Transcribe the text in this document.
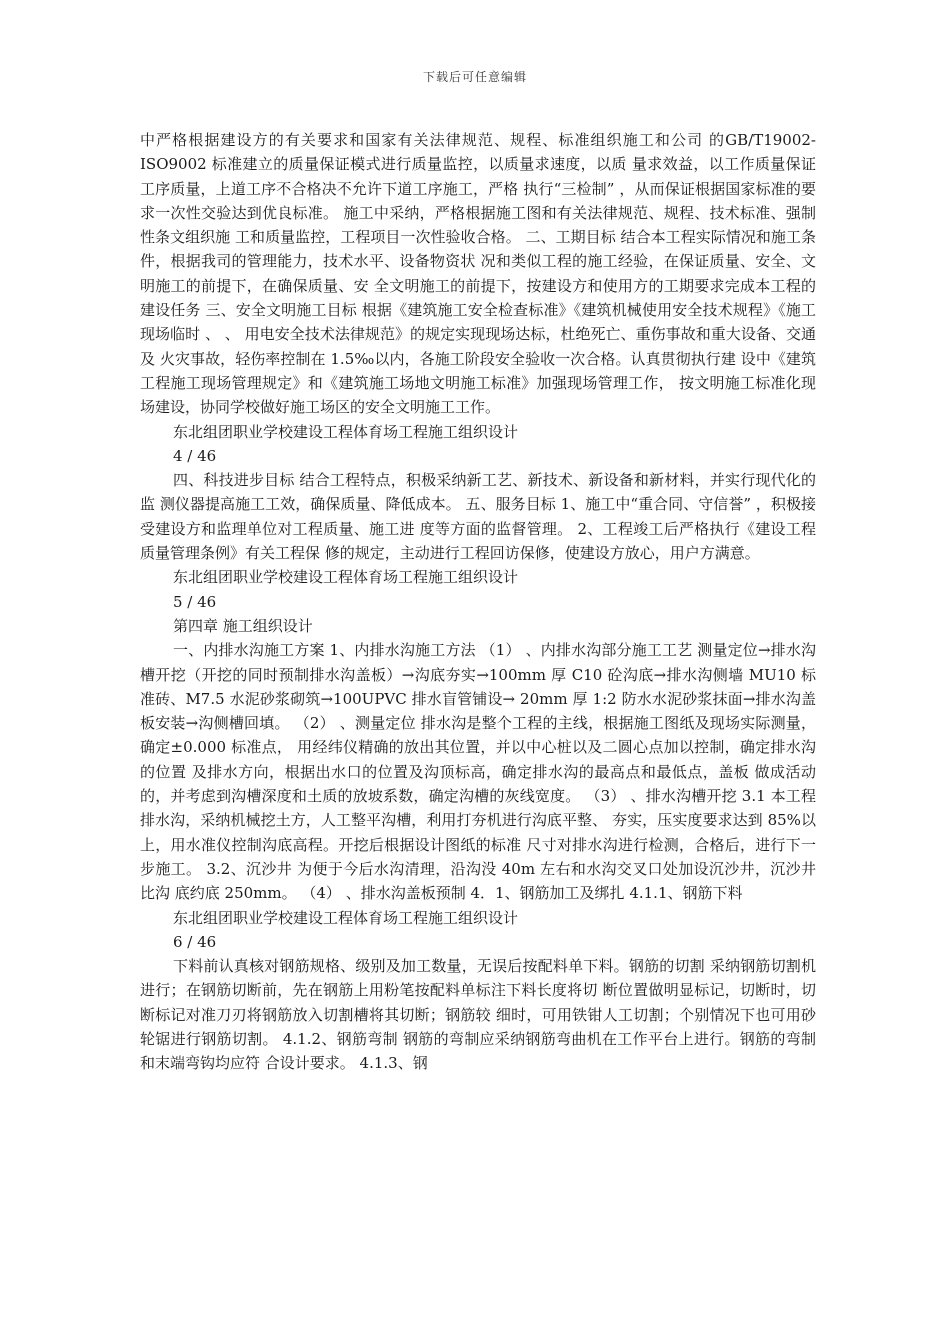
下载后可任意编辑

中严格根据建设方的有关要求和国家有关法律规范、规程、标准组织施工和公司 的GB/T19002-ISO9002 标准建立的质量保证模式进行质量监控，以质量求速度，以质 量求效益，以工作质量保证工序质量，上道工序不合格决不允许下道工序施工，严格 执行“三检制” ，从而保证根据国家标准的要求一次性交验达到优良标准。 施工中采纳，严格根据施工图和有关法律规范、规程、技术标准、强制性条文组织施 工和质量监控，工程项目一次性验收合格。 二、工期目标 结合本工程实际情况和施工条件，根据我司的管理能力，技术水平、设备物资状 况和类似工程的施工经验，在保证质量、安全、文明施工的前提下，在确保质量、安 全文明施工的前提下，按建设方和使用方的工期要求完成本工程的建设任务 三、安全文明施工目标 根据《建筑施工安全检查标准》《建筑机械使用安全技术规程》《施工现场临时 、 、 用电安全技术法律规范》的规定实现现场达标，杜绝死亡、重伤事故和重大设备、交通及 火灾事故，轻伤率控制在 1.5‰以内，各施工阶段安全验收一次合格。认真贯彻执行建 设中《建筑工程施工现场管理规定》和《建筑施工场地文明施工标准》加强现场管理工作， 按文明施工标准化现场建设，协同学校做好施工场区的安全文明施工工作。

东北组团职业学校建设工程体育场工程施工组织设计

4 / 46

四、科技进步目标 结合工程特点，积极采纳新工艺、新技术、新设备和新材料，并实行现代化的监 测仪器提高施工工效，确保质量、降低成本。 五、服务目标 1、施工中“重合同、守信誉” ，积极接受建设方和监理单位对工程质量、施工进 度等方面的监督管理。 2、工程竣工后严格执行《建设工程质量管理条例》有关工程保 修的规定，主动进行工程回访保修，使建设方放心，用户方满意。

东北组团职业学校建设工程体育场工程施工组织设计

5 / 46

第四章 施工组织设计

一、内排水沟施工方案 1、内排水沟施工方法 （1） 、内排水沟部分施工工艺 测量定位→排水沟槽开挖（开挖的同时预制排水沟盖板）→沟底夯实→100mm 厚 C10 砼沟底→排水沟侧墙 MU10 标准砖、M7.5 水泥砂浆砌筑→100UPVC 排水盲管铺设→ 20mm 厚 1:2 防水水泥砂浆抹面→排水沟盖板安装→沟侧槽回填。 （2） 、测量定位 排水沟是整个工程的主线，根据施工图纸及现场实际测量，确定±0.000 标准点， 用经纬仪精确的放出其位置，并以中心桩以及二圆心点加以控制，确定排水沟的位置 及排水方向，根据出水口的位置及沟顶标高，确定排水沟的最高点和最低点，盖板 做成活动的，并考虑到沟槽深度和土质的放坡系数，确定沟槽的灰线宽度。 （3） 、排水沟槽开挖 3.1 本工程排水沟，采纳机械挖土方，人工整平沟槽，利用打夯机进行沟底平整、 夯实，压实度要求达到 85%以上，用水准仪控制沟底高程。开挖后根据设计图纸的标准 尺寸对排水沟进行检测，合格后，进行下一步施工。 3.2、沉沙井 为便于今后水沟清理，沿沟没 40m 左右和水沟交叉口处加设沉沙井，沉沙井比沟 底约底 250mm。 （4） 、排水沟盖板预制 4．1、钢筋加工及绑扎 4.1.1、钢筋下料

东北组团职业学校建设工程体育场工程施工组织设计

6 / 46

下料前认真核对钢筋规格、级别及加工数量，无误后按配料单下料。钢筋的切割 采纳钢筋切割机进行；在钢筋切断前，先在钢筋上用粉笔按配料单标注下料长度将切 断位置做明显标记，切断时，切断标记对准刀刃将钢筋放入切割槽将其切断；钢筋较 细时，可用铁钳人工切割；个别情况下也可用砂轮锯进行钢筋切割。 4.1.2、钢筋弯制 钢筋的弯制应采纳钢筋弯曲机在工作平台上进行。钢筋的弯制和末端弯钩均应符 合设计要求。 4.1.3、钢
